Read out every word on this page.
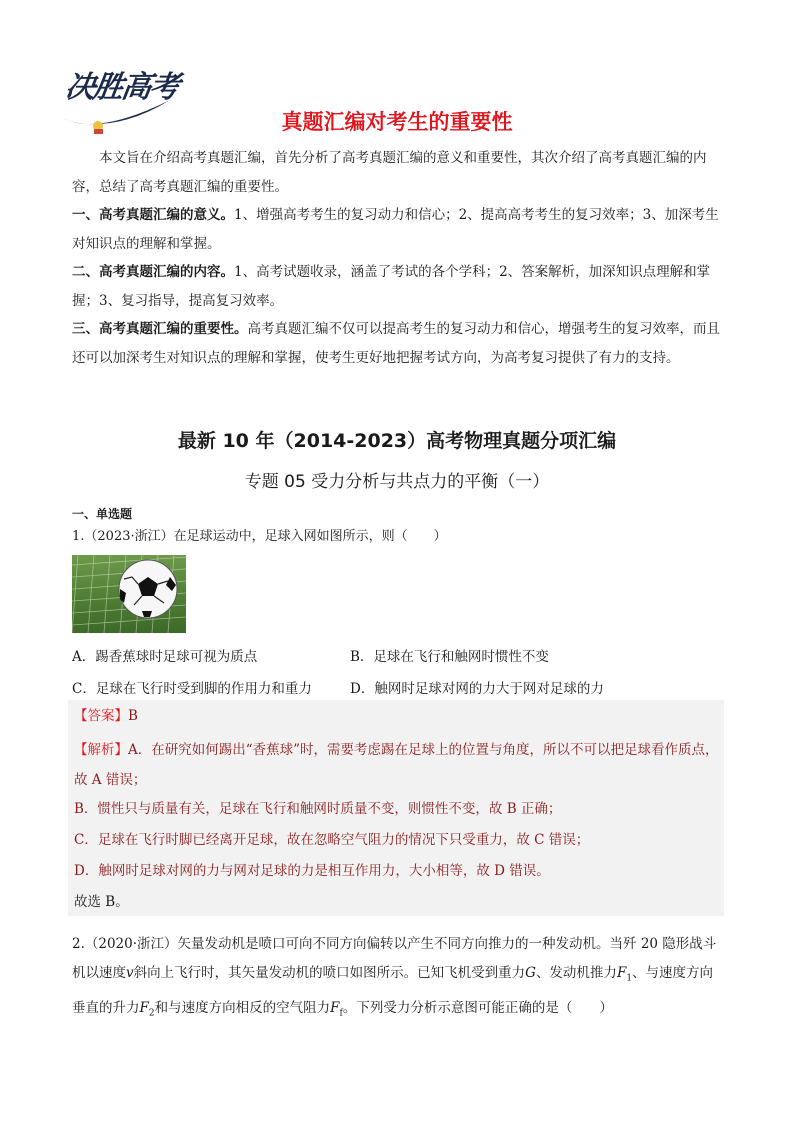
决胜高考
真题汇编对考生的重要性
本文旨在介绍高考真题汇编，首先分析了高考真题汇编的意义和重要性，其次介绍了高考真题汇编的内容，总结了高考真题汇编的重要性。
一、高考真题汇编的意义。1、增强高考考生的复习动力和信心；2、提高高考考生的复习效率；3、加深考生对知识点的理解和掌握。
二、高考真题汇编的内容。1、高考试题收录，涵盖了考试的各个学科；2、答案解析，加深知识点理解和掌握；3、复习指导，提高复习效率。
三、高考真题汇编的重要性。高考真题汇编不仅可以提高考生的复习动力和信心，增强考生的复习效率，而且还可以加深考生对知识点的理解和掌握，使考生更好地把握考试方向，为高考复习提供了有力的支持。
最新 10 年（2014-2023）高考物理真题分项汇编
专题 05 受力分析与共点力的平衡（一）
一、单选题
1.（2023·浙江）在足球运动中，足球入网如图所示，则（　　）
A．踢香蕉球时足球可视为质点	B．足球在飞行和触网时惯性不变
C．足球在飞行时受到脚的作用力和重力	D．触网时足球对网的力大于网对足球的力
【答案】B
【解析】A．在研究如何踢出“香蕉球”时，需要考虑踢在足球上的位置与角度，所以不可以把足球看作质点，故 A 错误；
B．惯性只与质量有关，足球在飞行和触网时质量不变，则惯性不变，故 B 正确；
C．足球在飞行时脚已经离开足球，故在忽略空气阻力的情况下只受重力，故 C 错误；
D．触网时足球对网的力与网对足球的力是相互作用力，大小相等，故 D 错误。
故选 B。
2.（2020·浙江）矢量发动机是喷口可向不同方向偏转以产生不同方向推力的一种发动机。当歼 20 隐形战斗机以速度v斜向上飞行时，其矢量发动机的喷口如图所示。已知飞机受到重力G、发动机推力$F_1$、与速度方向垂直的升力$F_2$和与速度方向相反的空气阻力$F_f$。下列受力分析示意图可能正确的是（　　）
